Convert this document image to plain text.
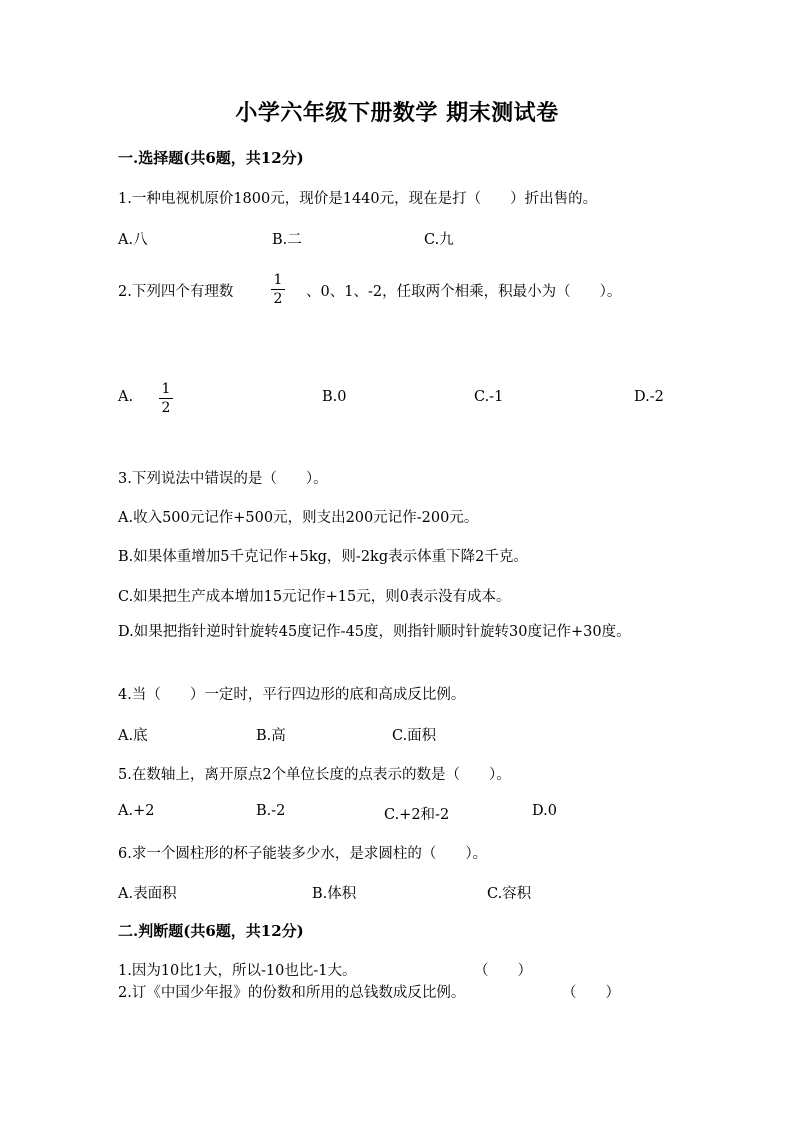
小学六年级下册数学 期末测试卷
一.选择题(共6题，共12分)
1.一种电视机原价1800元，现价是1440元，现在是打（　　）折出售的。
A.八	B.二	C.九
2.下列四个有理数
1
2 、0、1、-2，任取两个相乘，积最小为（　　）。
A. 1
2
B.0	C.-1	D.-2
3.下列说法中错误的是（　　）。
A.收入500元记作+500元，则支出200元记作-200元。
B.如果体重增加5千克记作+5kg，则-2kg表示体重下降2千克。
C.如果把生产成本增加15元记作+15元，则0表示没有成本。
D.如果把指针逆时针旋转45度记作-45度，则指针顺时针旋转30度记作+30度。
4.当（　　）一定时，平行四边形的底和高成反比例。
A.底	B.高	C.面积
5.在数轴上，离开原点2个单位长度的点表示的数是（　　）。
A.+2	B.-2	C.+2和-2	D.0
6.求一个圆柱形的杯子能装多少水，是求圆柱的（　　）。
A.表面积	B.体积	C.容积
二.判断题(共6题，共12分)
1.因为10比1大，所以-10也比-1大。	（　　）
2.订《中国少年报》的份数和所用的总钱数成反比例。	（　　）
